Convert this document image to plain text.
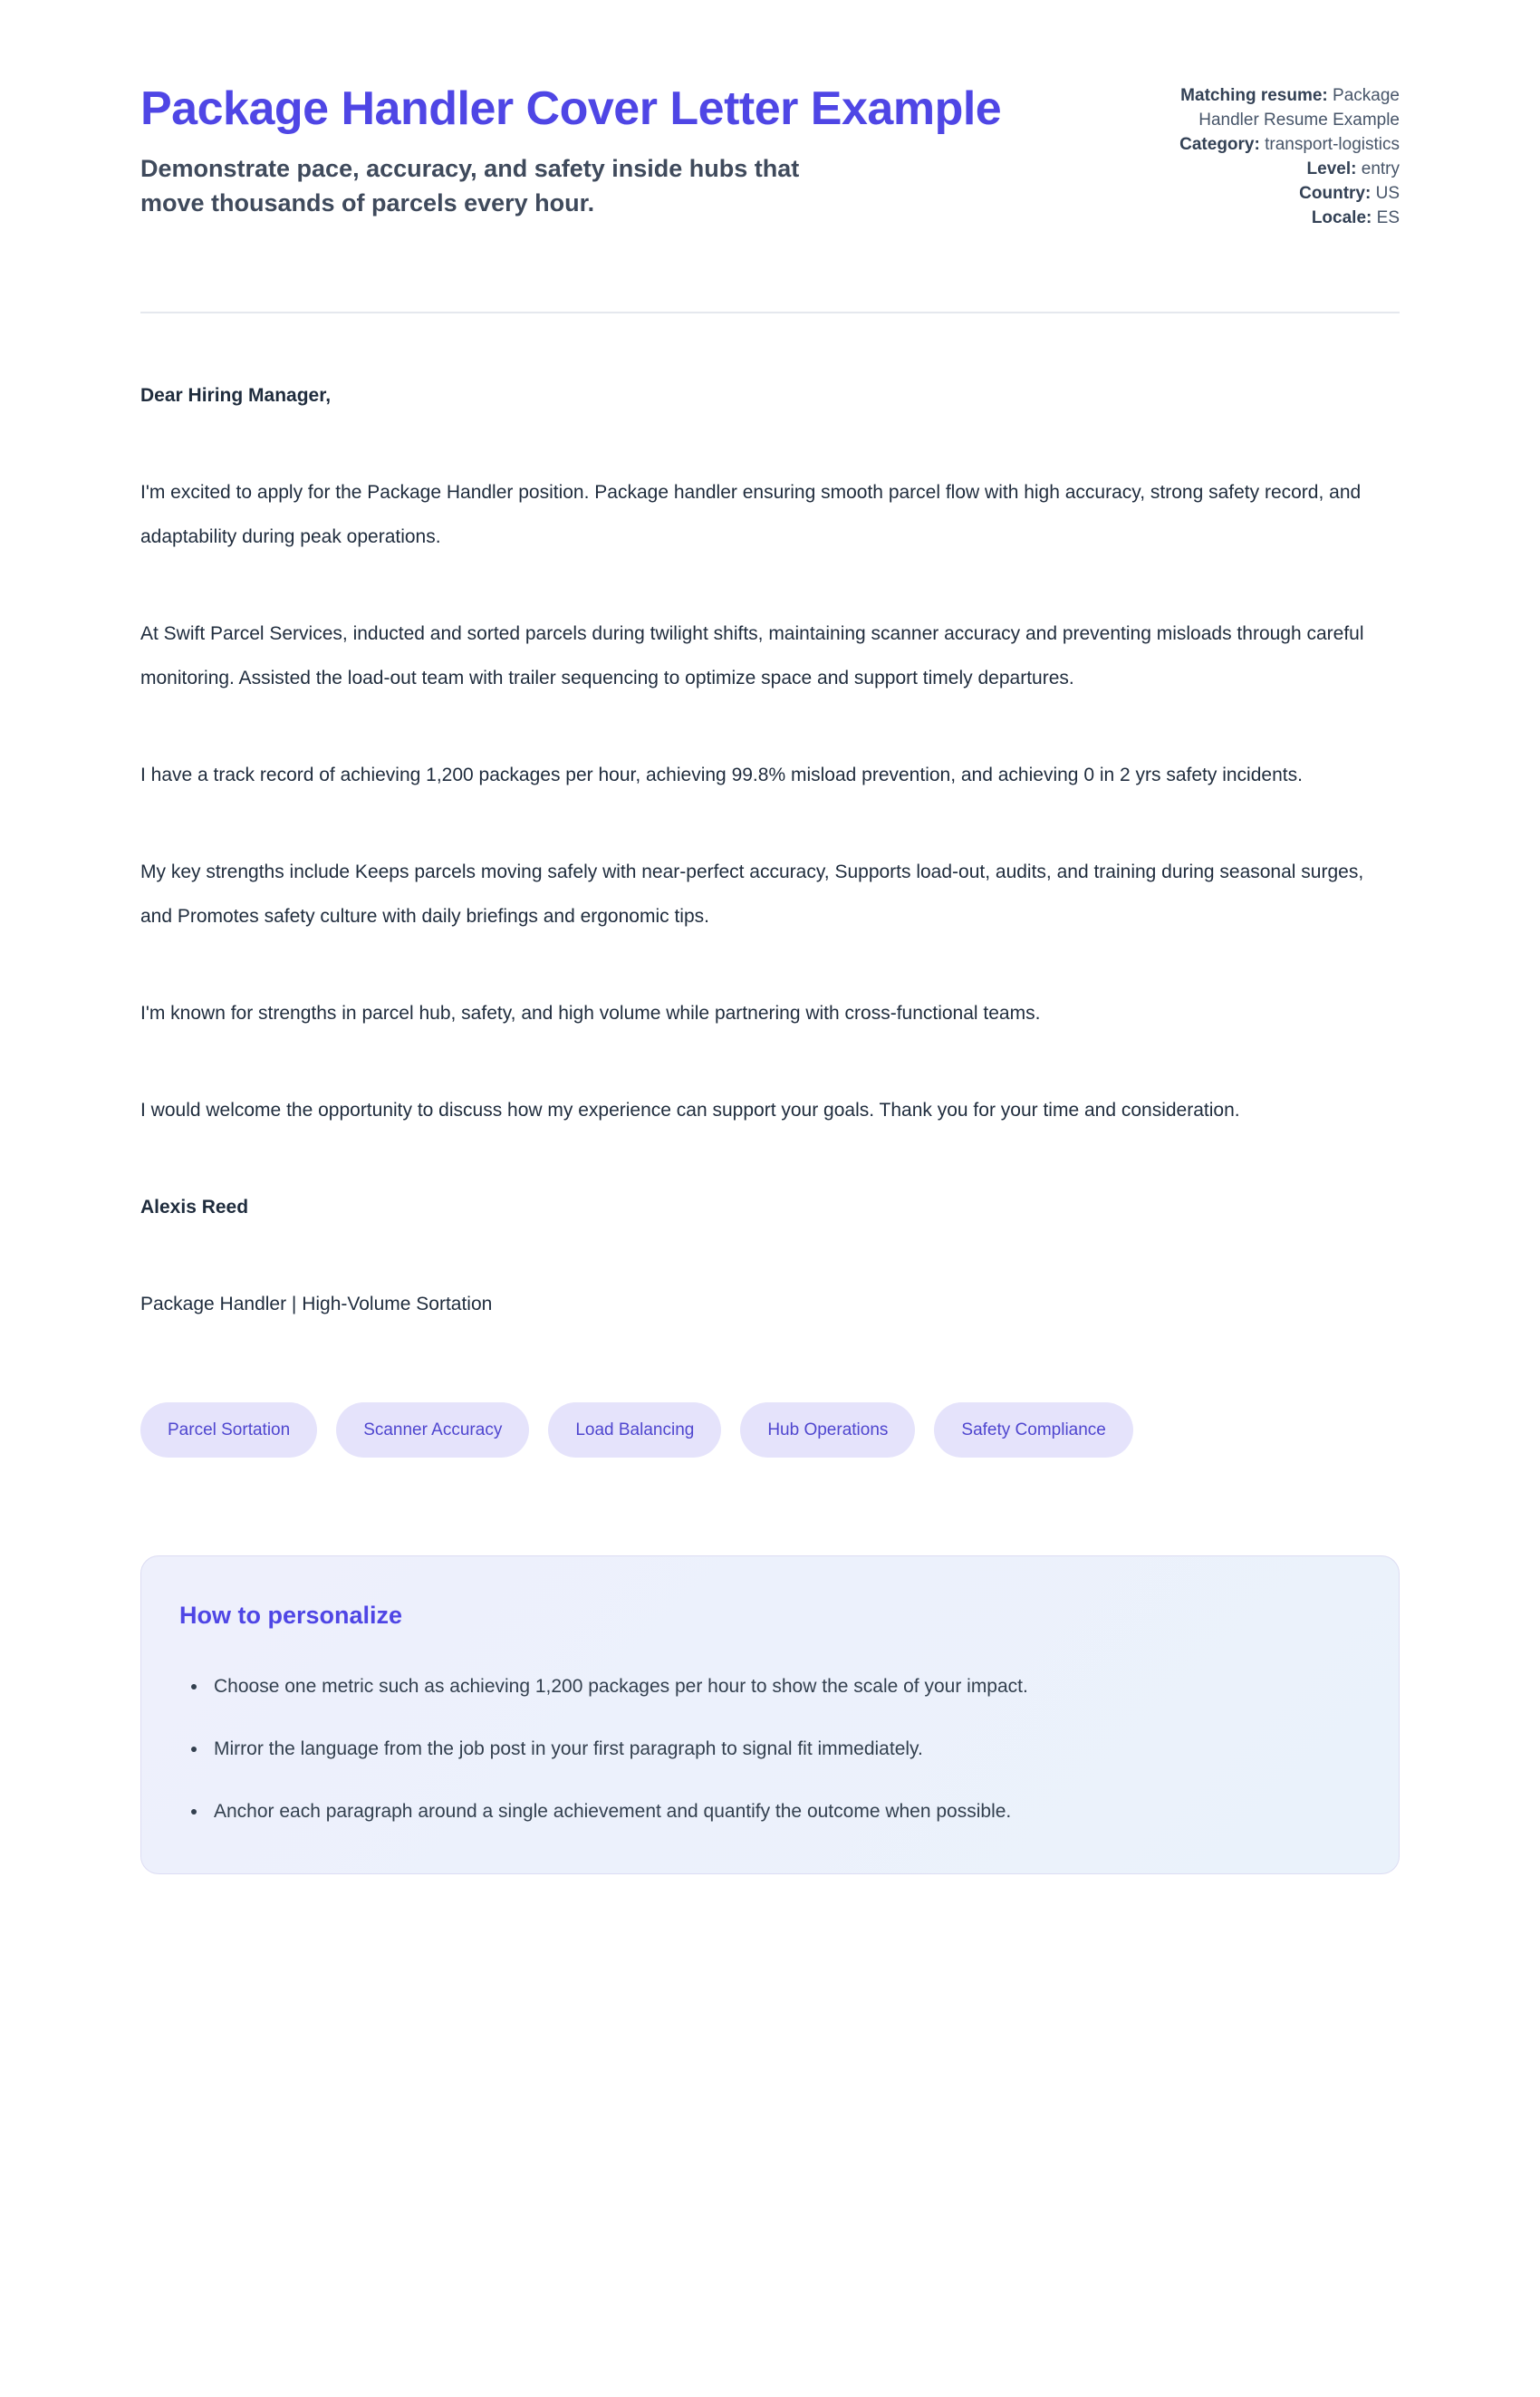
Package Handler Cover Letter Example

Demonstrate pace, accuracy, and safety inside hubs that move thousands of parcels every hour.

Matching resume: Package Handler Resume Example
Category: transport-logistics
Level: entry
Country: US
Locale: ES

Dear Hiring Manager,

I'm excited to apply for the Package Handler position. Package handler ensuring smooth parcel flow with high accuracy, strong safety record, and adaptability during peak operations.

At Swift Parcel Services, inducted and sorted parcels during twilight shifts, maintaining scanner accuracy and preventing misloads through careful monitoring. Assisted the load-out team with trailer sequencing to optimize space and support timely departures.

I have a track record of achieving 1,200 packages per hour, achieving 99.8% misload prevention, and achieving 0 in 2 yrs safety incidents.

My key strengths include Keeps parcels moving safely with near-perfect accuracy, Supports load-out, audits, and training during seasonal surges, and Promotes safety culture with daily briefings and ergonomic tips.

I'm known for strengths in parcel hub, safety, and high volume while partnering with cross-functional teams.

I would welcome the opportunity to discuss how my experience can support your goals. Thank you for your time and consideration.

Alexis Reed

Package Handler | High-Volume Sortation

Parcel Sortation	Scanner Accuracy	Load Balancing	Hub Operations	Safety Compliance
How to personalize
• Choose one metric such as achieving 1,200 packages per hour to show the scale of your impact.
• Mirror the language from the job post in your first paragraph to signal fit immediately.
• Anchor each paragraph around a single achievement and quantify the outcome when possible.
